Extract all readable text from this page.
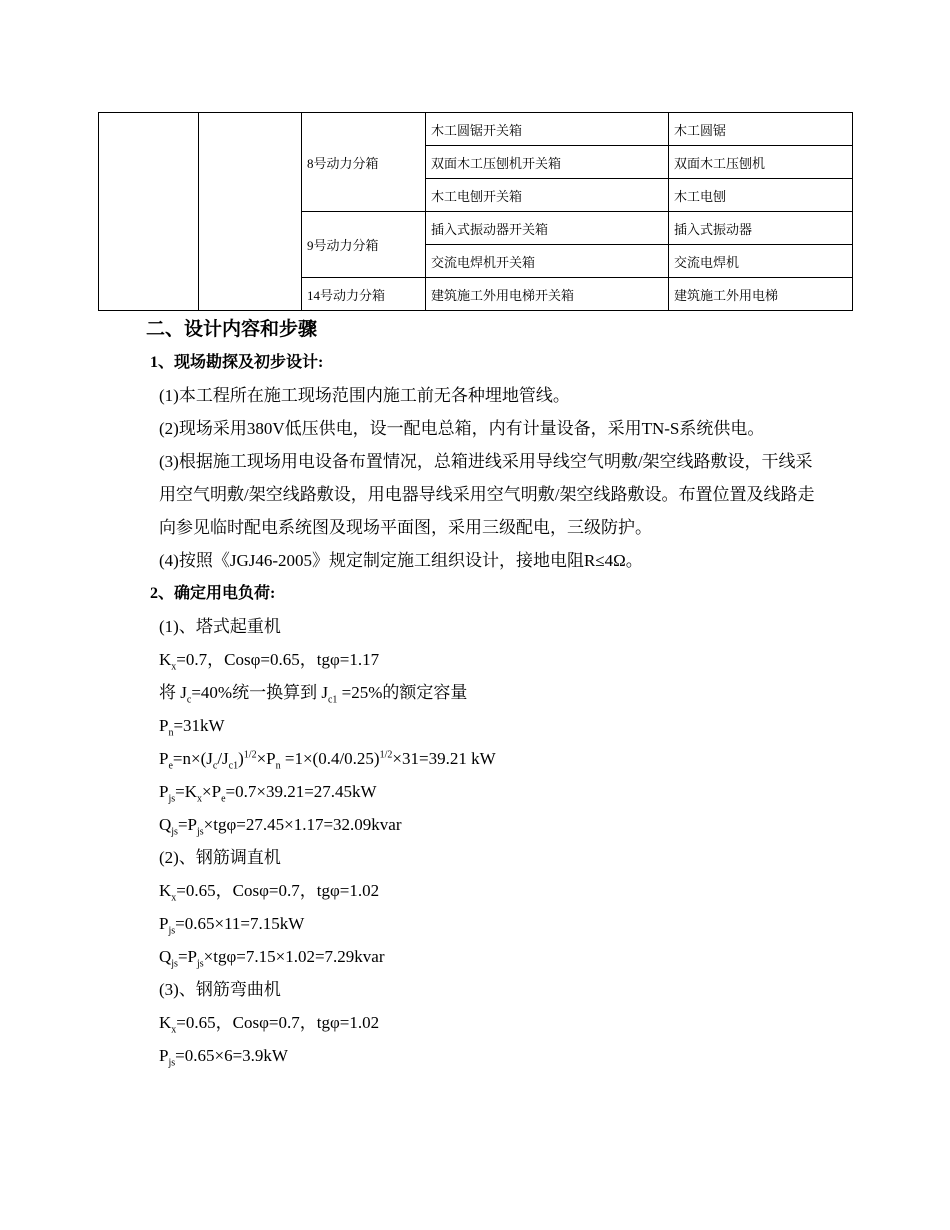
		8号动力分箱	木工圆锯开关箱	木工圆锯
			双面木工压刨机开关箱	双面木工压刨机
			木工电刨开关箱	木工电刨
		9号动力分箱	插入式振动器开关箱	插入式振动器
			交流电焊机开关箱	交流电焊机
		14号动力分箱	建筑施工外用电梯开关箱	建筑施工外用电梯
二、设计内容和步骤
1、现场勘探及初步设计:
(1)本工程所在施工现场范围内施工前无各种埋地管线。
(2)现场采用380V低压供电，设一配电总箱，内有计量设备，采用TN-S系统供电。
(3)根据施工现场用电设备布置情况，总箱进线采用导线空气明敷/架空线路敷设，干线采用空气明敷/架空线路敷设，用电器导线采用空气明敷/架空线路敷设。布置位置及线路走向参见临时配电系统图及现场平面图，采用三级配电，三级防护。
(4)按照《JGJ46-2005》规定制定施工组织设计，接地电阻R≤4Ω。
2、确定用电负荷:
(1)、塔式起重机
$K_x=0.7$，Cosφ=0.65，tgφ=1.17
将 $J_c=40\%$统一换算到 $J_{c1} =25\%$的额定容量
$P_n=31kW$
$P_e=n\times(J_c/J_{c1})^{1/2}\times P_n =1\times(0.4/0.25)^{1/2}\times 31=39.21$ kW
$P_{js}=K_x\times P_e=0.7\times 39.21=27.45kW$
$Q_{js}=P_{js}\times tg\varphi=27.45\times 1.17=32.09kvar$
(2)、钢筋调直机
$K_x=0.65$，Cosφ=0.7，tgφ=1.02
$P_{js}=0.65\times 11=7.15kW$
$Q_{js}=P_{js}\times tg\varphi=7.15\times 1.02=7.29kvar$
(3)、钢筋弯曲机
$K_x=0.65$，Cosφ=0.7，tgφ=1.02
$P_{js}=0.65\times 6=3.9kW$
